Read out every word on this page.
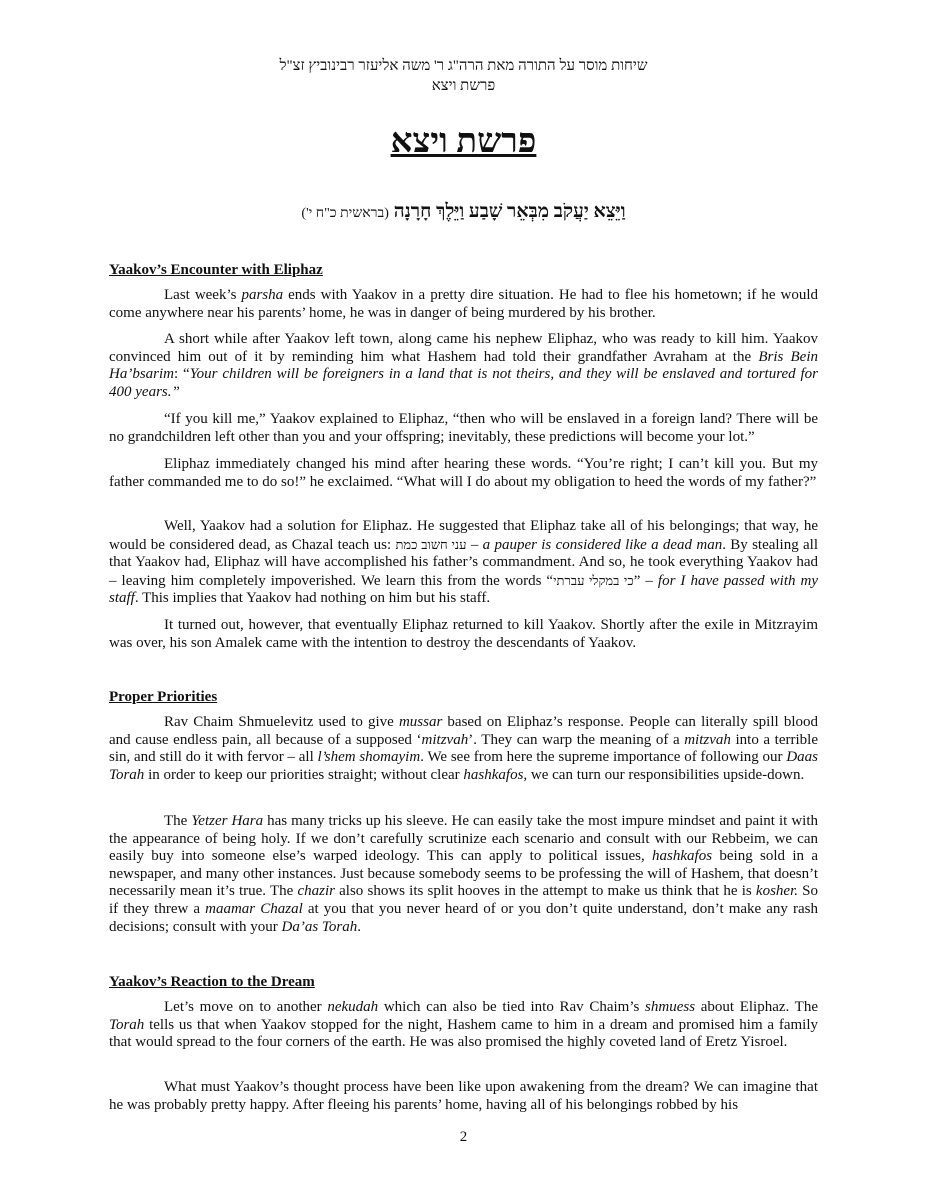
שיחות מוסר על התורה מאת הרה"ג ר' משה אליעזר רבינוביץ זצ"ל
פרשת ויצא
פרשת ויצא
וַיֵּצֵא יַעֲקֹב מִבְּאֵר שָׁבַע וַיֵּלֶךְ חָרָנָה (בראשית כ"ח י')
Yaakov’s Encounter with Eliphaz

Last week’s parsha ends with Yaakov in a pretty dire situation. He had to flee his hometown; if he would come anywhere near his parents’ home, he was in danger of being murdered by his brother.

A short while after Yaakov left town, along came his nephew Eliphaz, who was ready to kill him. Yaakov convinced him out of it by reminding him what Hashem had told their grandfather Avraham at the Bris Bein Ha’bsarim: “Your children will be foreigners in a land that is not theirs, and they will be enslaved and tortured for 400 years.”

“If you kill me,” Yaakov explained to Eliphaz, “then who will be enslaved in a foreign land? There will be no grandchildren left other than you and your offspring; inevitably, these predictions will become your lot.”

Eliphaz immediately changed his mind after hearing these words. “You’re right; I can’t kill you. But my father commanded me to do so!” he exclaimed. “What will I do about my obligation to heed the words of my father?”

Well, Yaakov had a solution for Eliphaz. He suggested that Eliphaz take all of his belongings; that way, he would be considered dead, as Chazal teach us: עני חשוב כמת – a pauper is considered like a dead man. By stealing all that Yaakov had, Eliphaz will have accomplished his father’s commandment. And so, he took everything Yaakov had – leaving him completely impoverished. We learn this from the words “כי במקלי עברתי” – for I have passed with my staff. This implies that Yaakov had nothing on him but his staff.

It turned out, however, that eventually Eliphaz returned to kill Yaakov. Shortly after the exile in Mitzrayim was over, his son Amalek came with the intention to destroy the descendants of Yaakov.

Proper Priorities

Rav Chaim Shmuelevitz used to give mussar based on Eliphaz’s response. People can literally spill blood and cause endless pain, all because of a supposed ‘mitzvah’. They can warp the meaning of a mitzvah into a terrible sin, and still do it with fervor – all l’shem shomayim. We see from here the supreme importance of following our Daas Torah in order to keep our priorities straight; without clear hashkafos, we can turn our responsibilities upside-down.

The Yetzer Hara has many tricks up his sleeve. He can easily take the most impure mindset and paint it with the appearance of being holy. If we don’t carefully scrutinize each scenario and consult with our Rebbeim, we can easily buy into someone else’s warped ideology. This can apply to political issues, hashkafos being sold in a newspaper, and many other instances. Just because somebody seems to be professing the will of Hashem, that doesn’t necessarily mean it’s true. The chazir also shows its split hooves in the attempt to make us think that he is kosher. So if they threw a maamar Chazal at you that you never heard of or you don’t quite understand, don’t make any rash decisions; consult with your Da’as Torah.

Yaakov’s Reaction to the Dream

Let’s move on to another nekudah which can also be tied into Rav Chaim’s shmuess about Eliphaz. The Torah tells us that when Yaakov stopped for the night, Hashem came to him in a dream and promised him a family that would spread to the four corners of the earth. He was also promised the highly coveted land of Eretz Yisroel.

What must Yaakov’s thought process have been like upon awakening from the dream? We can imagine that he was probably pretty happy. After fleeing his parents’ home, having all of his belongings robbed by his

2
